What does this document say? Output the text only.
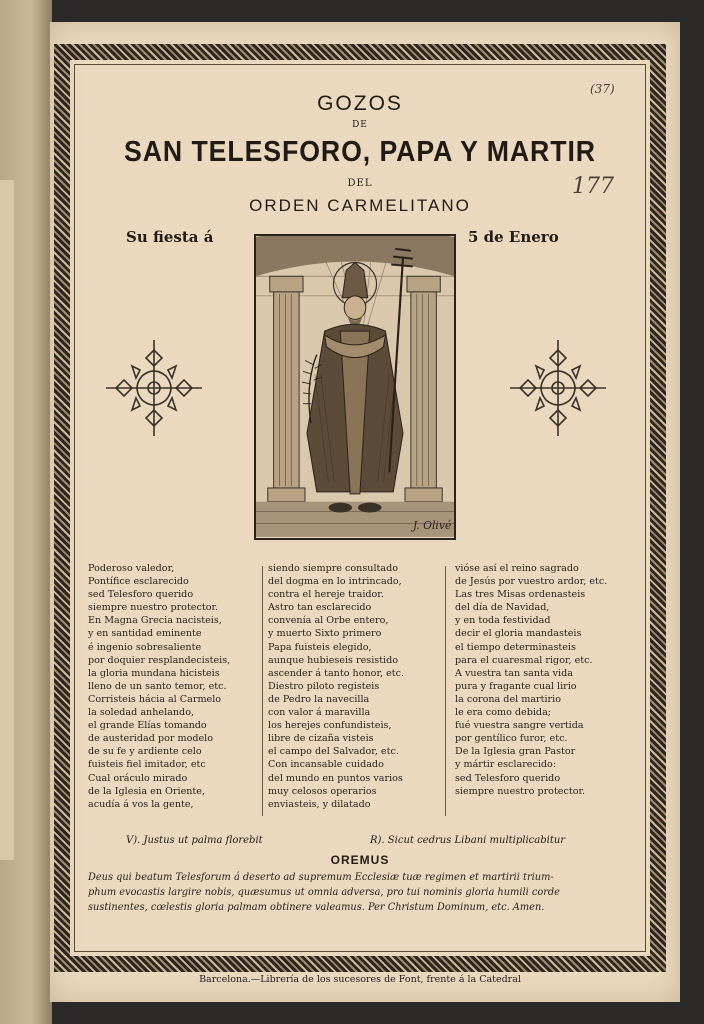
(37)
177
GOZOS
DE
SAN TELESFORO, PAPA Y MARTIR
DEL
ORDEN CARMELITANO
Su fiesta á	5 de Enero
J. Olivé
Poderoso valedor,
Pontífice esclarecido
sed Telesforo querido
siempre nuestro protector.
En Magna Grecia nacisteis,
y en santidad eminente
é ingenio sobresaliente
por doquier resplandecisteis,
la gloria mundana hicisteis
lleno de un santo temor, etc.
Corristeis hácia al Carmelo
la soledad anhelando,
el grande Elías tomando
de austeridad por modelo
de su fe y ardiente celo
fuisteis fiel imitador, etc
Cual oráculo mirado
de la Iglesia en Oriente,
acudía á vos la gente,
siendo siempre consultado
del dogma en lo intrincado,
contra el hereje traidor.
Astro tan esclarecido
convenía al Orbe entero,
y muerto Sixto primero
Papa fuisteis elegido,
aunque hubieseis resistido
ascender á tanto honor, etc.
Diestro piloto registeis
de Pedro la navecilla
con valor á maravilla
los herejes confundisteis,
libre de cizaña visteis
el campo del Salvador, etc.
Con incansable cuidado
del mundo en puntos varios
muy celosos operarios
enviasteis, y dilatado
vióse así el reino sagrado
de Jesús por vuestro ardor, etc.
Las tres Misas ordenasteis
del día de Navidad,
y en toda festividad
decir el gloria mandasteis
el tiempo determinasteis
para el cuaresmal rigor, etc.
A vuestra tan santa vida
pura y fragante cual lirio
la corona del martirio
le era como debida;
fué vuestra sangre vertida
por gentílico furor, etc.
De la Iglesia gran Pastor
y mártir esclarecido:
sed Telesforo querido
siempre nuestro protector.
V). Justus ut palma florebit	R). Sicut cedrus Libani multiplicabitur
OREMUS
Deus qui beatum Telesforum á deserto ad supremum Ecclesiæ tuæ regimen et martirii trium-
phum evocastis largire nobis, quæsumus ut omnia adversa, pro tui nominis gloria humili corde
sustinentes, cœlestis gloria palmam obtinere valeamus. Per Christum Dominum, etc. Amen.
Barcelona.—Librería de los sucesores de Font, frente á la Catedral
